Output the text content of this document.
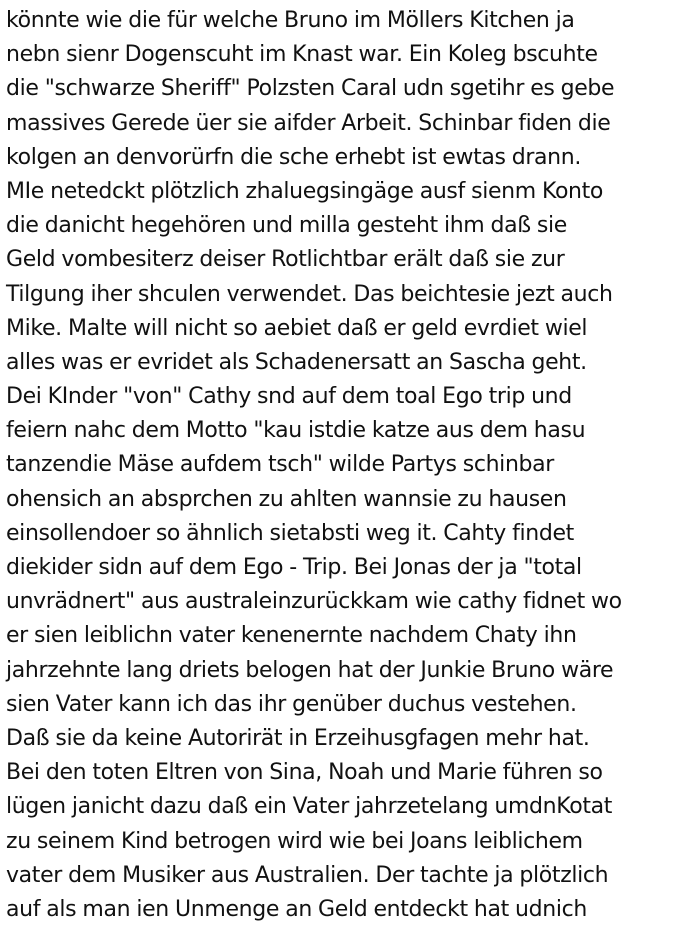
könnte wie die für welche Bruno im Möllers Kitchen ja
nebn sienr Dogenscuht im Knast war. Ein Koleg bscuhte
die "schwarze Sheriff" Polzsten Caral udn sgetihr es gebe
massives Gerede üer sie aifder Arbeit. Schinbar fiden die
kolgen an denvorürfn die sche erhebt ist ewtas drann.
MIe netedckt plötzlich zhaluegsingäge ausf sienm Konto
die danicht hegehören und milla gesteht ihm daß sie
Geld vombesiterz deiser Rotlichtbar erält daß sie zur
Tilgung iher shculen verwendet. Das beichtesie jezt auch
Mike. Malte will nicht so aebiet daß er geld evrdiet wiel
alles was er evridet als Schadenersatt an Sascha geht.
Dei KInder "von" Cathy snd auf dem toal Ego trip und
feiern nahc dem Motto "kau istdie katze aus dem hasu
tanzendie Mäse aufdem tsch" wilde Partys schinbar
ohensich an absprchen zu ahlten wannsie zu hausen
einsollendoer so ähnlich sietabsti weg it. Cahty findet
diekider sidn auf dem Ego - Trip. Bei Jonas der ja "total
unvrädnert" aus australeinzurückkam wie cathy fidnet wo
er sien leiblichn vater kenenernte nachdem Chaty ihn
jahrzehnte lang driets belogen hat der Junkie Bruno wäre
sien Vater kann ich das ihr genüber duchus vestehen.
Daß sie da keine Autorirät in Erzeihusgfagen mehr hat.
Bei den toten Eltren von Sina, Noah und Marie führen so
lügen janicht dazu daß ein Vater jahrzetelang umdnKotat
zu seinem Kind betrogen wird wie bei Joans leiblichem
vater dem Musiker aus Australien. Der tachte ja plötzlich
auf als man ien Unmenge an Geld entdeckt hat udnich
